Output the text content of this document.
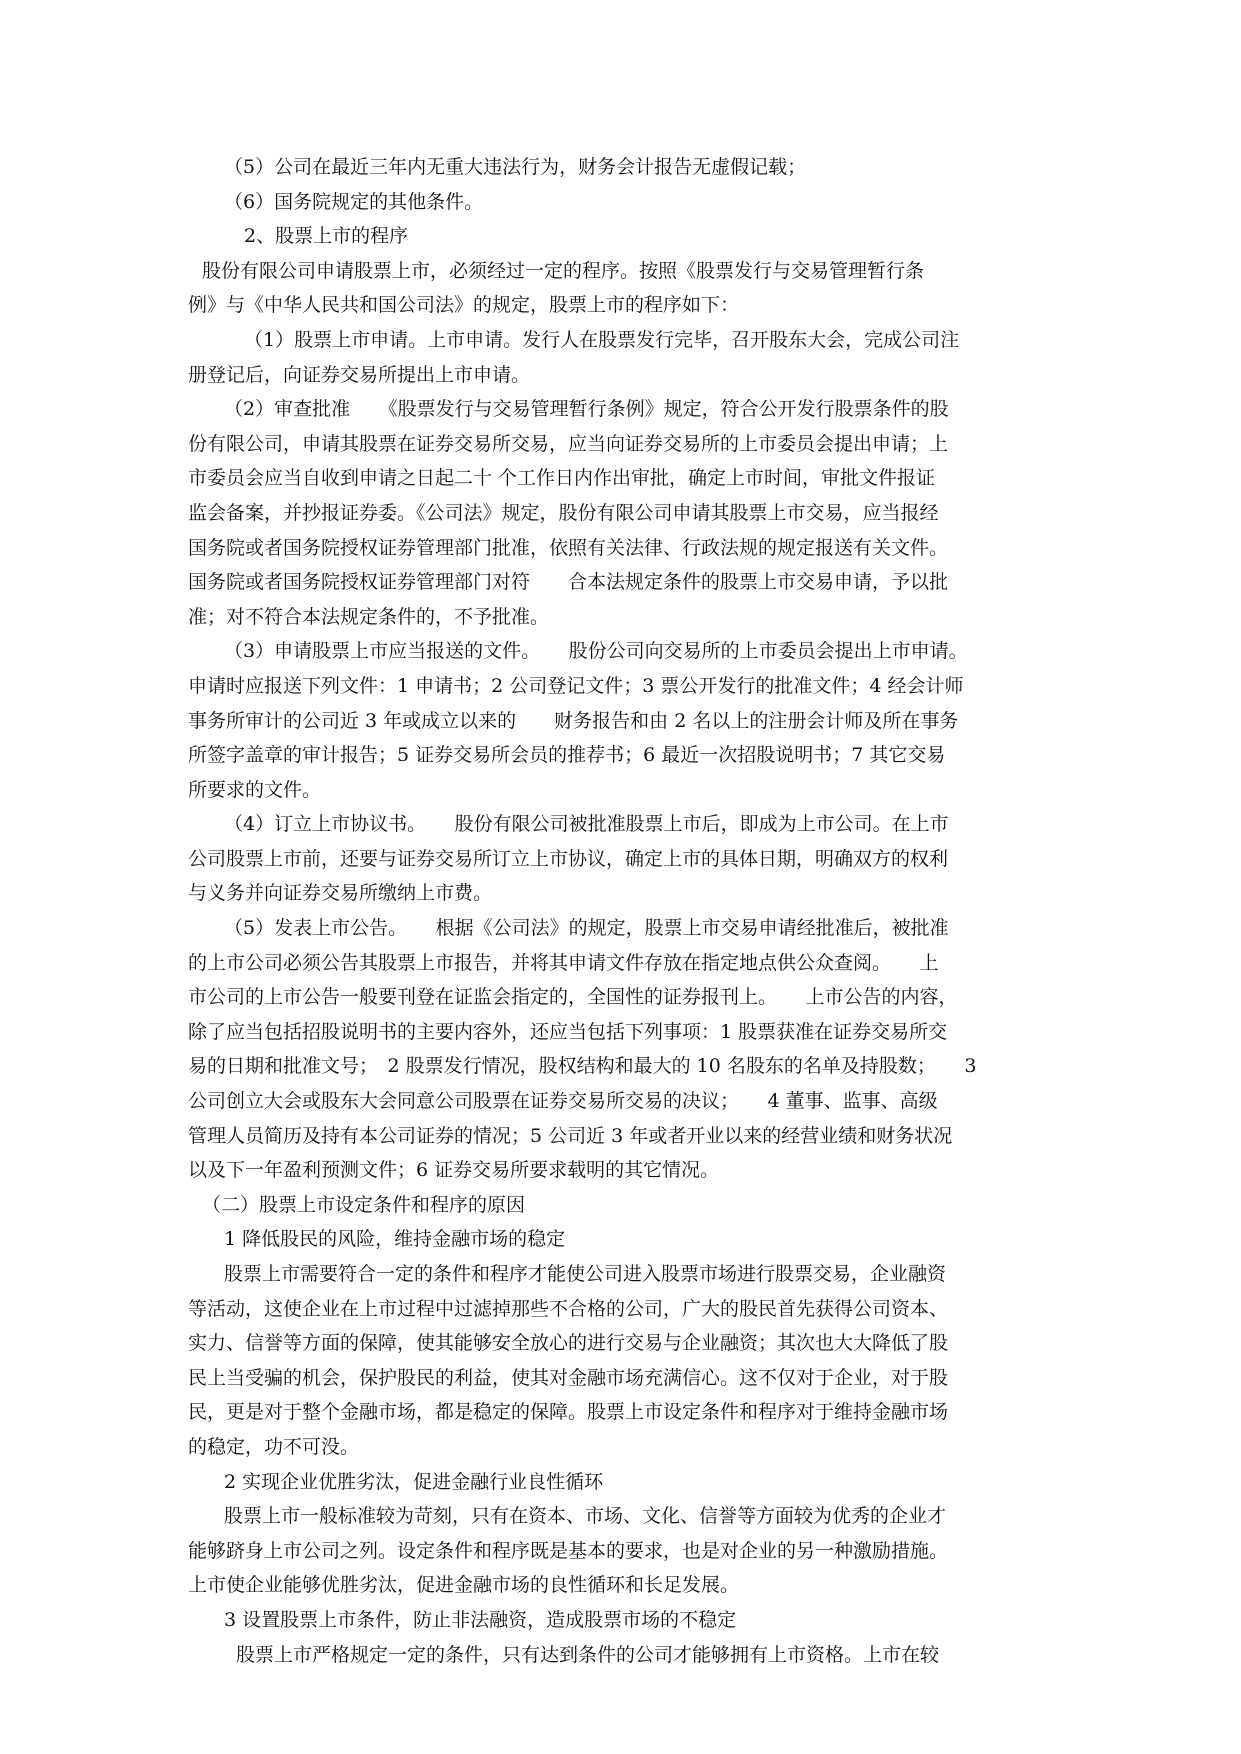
（5）公司在最近三年内无重大违法行为，财务会计报告无虚假记载；
（6）国务院规定的其他条件。
2、股票上市的程序
股份有限公司申请股票上市，必须经过一定的程序。按照《股票发行与交易管理暂行条
例》与《中华人民共和国公司法》的规定，股票上市的程序如下：
（1）股票上市申请。上市申请。发行人在股票发行完毕，召开股东大会，完成公司注
册登记后，向证券交易所提出上市申请。
（2）审查批准　　《股票发行与交易管理暂行条例》规定，符合公开发行股票条件的股
份有限公司，申请其股票在证券交易所交易，应当向证券交易所的上市委员会提出申请；上
市委员会应当自收到申请之日起二十 个工作日内作出审批，确定上市时间，审批文件报证
监会备案，并抄报证券委。《公司法》规定，股份有限公司申请其股票上市交易，应当报经
国务院或者国务院授权证券管理部门批准，依照有关法律、行政法规的规定报送有关文件。
国务院或者国务院授权证券管理部门对符　　合本法规定条件的股票上市交易申请，予以批
准；对不符合本法规定条件的，不予批准。
（3）申请股票上市应当报送的文件。　　股份公司向交易所的上市委员会提出上市申请。
申请时应报送下列文件：1 申请书；2 公司登记文件；3 票公开发行的批准文件；4 经会计师
事务所审计的公司近 3 年或成立以来的　　财务报告和由 2 名以上的注册会计师及所在事务
所签字盖章的审计报告；5 证券交易所会员的推荐书；6 最近一次招股说明书；7 其它交易
所要求的文件。
（4）订立上市协议书。　　股份有限公司被批准股票上市后，即成为上市公司。在上市
公司股票上市前，还要与证券交易所订立上市协议，确定上市的具体日期，明确双方的权利
与义务并向证券交易所缴纳上市费。
（5）发表上市公告。　　根据《公司法》的规定，股票上市交易申请经批准后，被批准
的上市公司必须公告其股票上市报告，并将其申请文件存放在指定地点供公众查阅。　　上
市公司的上市公告一般要刊登在证监会指定的，全国性的证券报刊上。　　上市公告的内容，
除了应当包括招股说明书的主要内容外，还应当包括下列事项：1 股票获准在证券交易所交
易的日期和批准文号；　2 股票发行情况，股权结构和最大的 10 名股东的名单及持股数；　　3
公司创立大会或股东大会同意公司股票在证券交易所交易的决议；　　4 董事、监事、高级
管理人员简历及持有本公司证券的情况；5 公司近 3 年或者开业以来的经营业绩和财务状况
以及下一年盈利预测文件；6 证券交易所要求载明的其它情况。
（二）股票上市设定条件和程序的原因
1 降低股民的风险，维持金融市场的稳定
股票上市需要符合一定的条件和程序才能使公司进入股票市场进行股票交易，企业融资
等活动，这使企业在上市过程中过滤掉那些不合格的公司，广大的股民首先获得公司资本、
实力、信誉等方面的保障，使其能够安全放心的进行交易与企业融资；其次也大大降低了股
民上当受骗的机会，保护股民的利益，使其对金融市场充满信心。这不仅对于企业，对于股
民，更是对于整个金融市场，都是稳定的保障。股票上市设定条件和程序对于维持金融市场
的稳定，功不可没。
2 实现企业优胜劣汰，促进金融行业良性循环
股票上市一般标准较为苛刻，只有在资本、市场、文化、信誉等方面较为优秀的企业才
能够跻身上市公司之列。设定条件和程序既是基本的要求，也是对企业的另一种激励措施。
上市使企业能够优胜劣汰，促进金融市场的良性循环和长足发展。
3 设置股票上市条件，防止非法融资，造成股票市场的不稳定
股票上市严格规定一定的条件，只有达到条件的公司才能够拥有上市资格。上市在较
